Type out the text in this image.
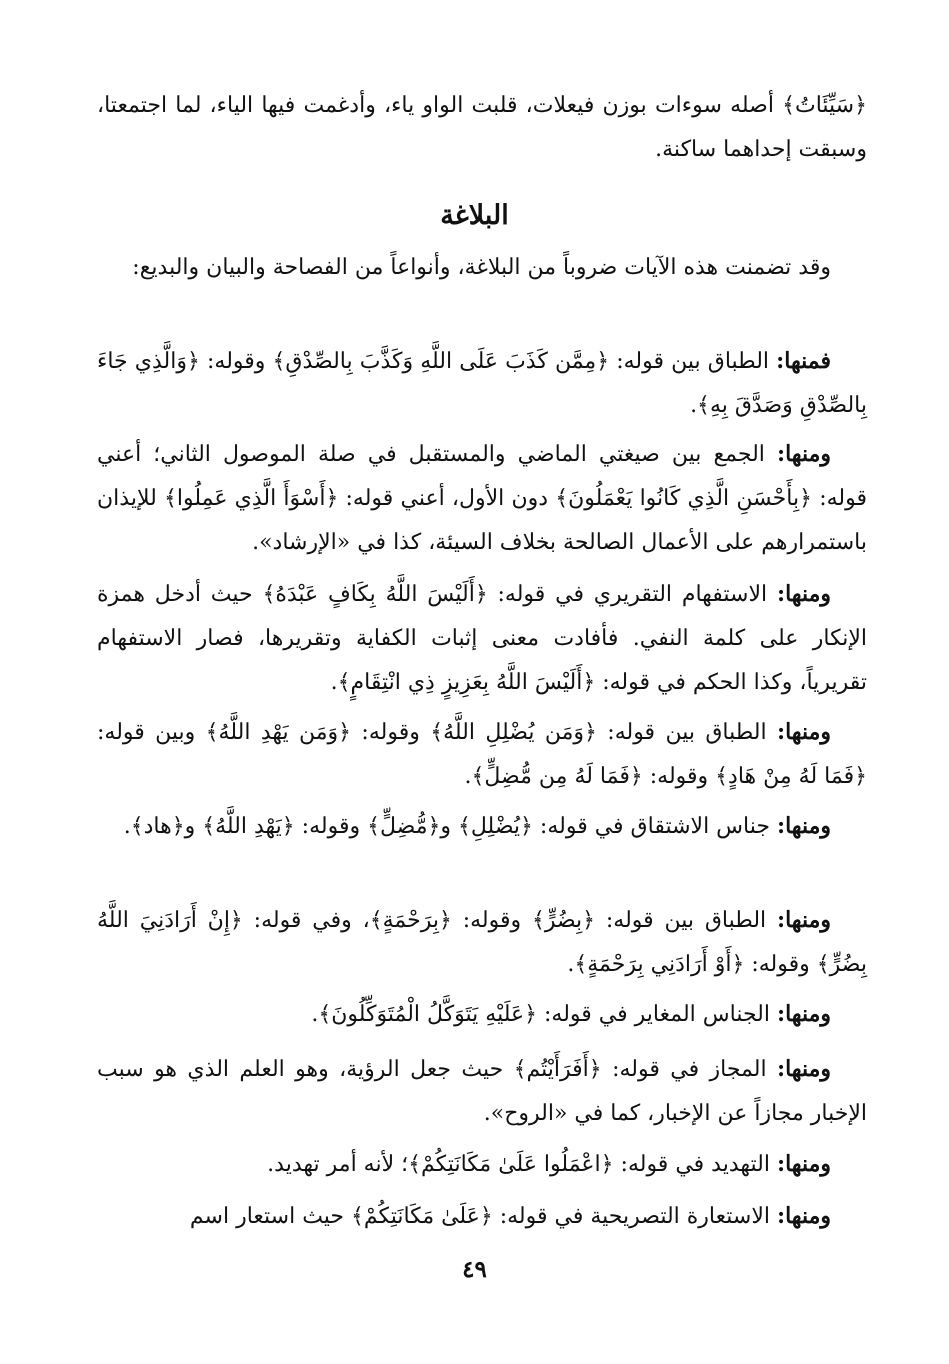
﴿سَيِّئَاتُ﴾ أصله سوءات بوزن فيعلات، قلبت الواو ياء، وأدغمت فيها الياء، لما اجتمعتا، وسبقت إحداهما ساكنة.
البلاغة
وقد تضمنت هذه الآيات ضروباً من البلاغة، وأنواعاً من الفصاحة والبيان والبديع:
فمنها: الطباق بين قوله: ﴿مِمَّن كَذَبَ عَلَى اللَّهِ وَكَذَّبَ بِالصِّدْقِ﴾ وقوله: ﴿وَالَّذِي جَاءَ بِالصِّدْقِ وَصَدَّقَ بِهِ﴾.
ومنها: الجمع بين صيغتي الماضي والمستقبل في صلة الموصول الثاني؛ أعني قوله: ﴿بِأَحْسَنِ الَّذِي كَانُوا يَعْمَلُونَ﴾ دون الأول، أعني قوله: ﴿أَسْوَأَ الَّذِي عَمِلُوا﴾ للإيذان باستمرارهم على الأعمال الصالحة بخلاف السيئة، كذا في «الإرشاد».
ومنها: الاستفهام التقريري في قوله: ﴿أَلَيْسَ اللَّهُ بِكَافٍ عَبْدَهُ﴾ حيث أدخل همزة الإنكار على كلمة النفي. فأفادت معنى إثبات الكفاية وتقريرها، فصار الاستفهام تقريرياً، وكذا الحكم في قوله: ﴿أَلَيْسَ اللَّهُ بِعَزِيزٍ ذِي انْتِقَامٍ﴾.
ومنها: الطباق بين قوله: ﴿وَمَن يُضْلِلِ اللَّهُ﴾ وقوله: ﴿وَمَن يَهْدِ اللَّهُ﴾ وبين قوله: ﴿فَمَا لَهُ مِنْ هَادٍ﴾ وقوله: ﴿فَمَا لَهُ مِن مُّضِلٍّ﴾.
ومنها: جناس الاشتقاق في قوله: ﴿يُضْلِلِ﴾ و﴿مُّضِلٍّ﴾ وقوله: ﴿يَهْدِ اللَّهُ﴾ و﴿هاد﴾.
ومنها: الطباق بين قوله: ﴿بِضُرٍّ﴾ وقوله: ﴿بِرَحْمَةٍ﴾، وفي قوله: ﴿إِنْ أَرَادَنِيَ اللَّهُ بِضُرٍّ﴾ وقوله: ﴿أَوْ أَرَادَنِي بِرَحْمَةٍ﴾.
ومنها: الجناس المغاير في قوله: ﴿عَلَيْهِ يَتَوَكَّلُ الْمُتَوَكِّلُونَ﴾.
ومنها: المجاز في قوله: ﴿أَفَرَأَيْتُم﴾ حيث جعل الرؤية، وهو العلم الذي هو سبب الإخبار مجازاً عن الإخبار، كما في «الروح».
ومنها: التهديد في قوله: ﴿اعْمَلُوا عَلَىٰ مَكَانَتِكُمْ﴾؛ لأنه أمر تهديد.
ومنها: الاستعارة التصريحية في قوله: ﴿عَلَىٰ مَكَانَتِكُمْ﴾ حيث استعار اسم
٤٩
